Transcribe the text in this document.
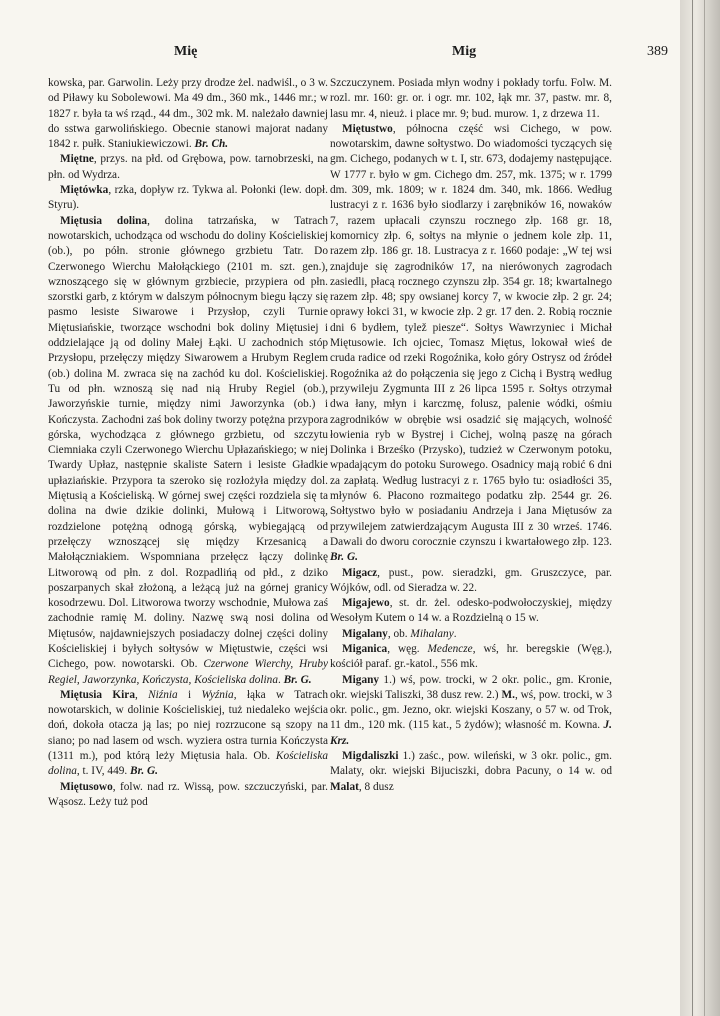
Mię	Mig	389

kowska, par. Garwolin. Leży przy drodze żel. nadwiśl., o 3 w. od Piławy ku Sobolewowi. Ma 49 dm., 360 mk., 1446 mr.; w 1827 r. była ta wś rząd., 44 dm., 302 mk. M. należało dawniej do sstwa garwolińskiego. Obecnie stanowi majorat nadany 1842 r. pułk. Staniukiewiczowi. Br. Ch.

Miętne, przys. na płd. od Grębowa, pow. tarnobrzeski, na płn. od Wydrza.

Miętówka, rzka, dopływ rz. Tykwa al. Połonki (lew. dopł. Styru).

Miętusia dolina, dolina tatrzańska, w Tatrach nowotarskich, uchodząca od wschodu do doliny Kościeliskiej (ob.), po półn. stronie głównego grzbietu Tatr. Do Czerwonego Wierchu Małołąckiego (2101 m. szt. gen.), wznoszącego się w głównym grzbiecie, przypiera od płn. szorstki garb, z którym w dalszym północnym biegu łączy się pasmo lesiste Siwarowe i Przysłop, czyli Turnie Miętusiańskie, tworzące wschodni bok doliny Miętusiej i oddzielające ją od doliny Małej Łąki. U zachodnich stóp Przysłopu, przełęczy między Siwarowem a Hrubym Reglem (ob.) dolina M. zwraca się na zachód ku dol. Kościeliskiej. Tu od płn. wznoszą się nad nią Hruby Regiel (ob.), Jaworzyńskie turnie, między nimi Jaworzynka (ob.) i Kończysta. Zachodni zaś bok doliny tworzy potężna przypora górska, wychodząca z głównego grzbietu, od szczytu Ciemniaka czyli Czerwonego Wierchu Upłazańskiego; w niej Twardy Upłaz, następnie skaliste Satern i lesiste Gładkie upłaziańskie. Przypora ta szeroko się rozłożyła między dol. Miętusią a Kościeliską. W górnej swej części rozdziela się ta dolina na dwie dzikie dolinki, Mułową i Litworową, rozdzielone potężną odnogą górską, wybiegającą od przełęczy wznoszącej się między Krzesanicą a Małołączniakiem. Wspomniana przełęcz łączy dolinkę Litworową od płn. z dol. Rozpadlińą od płd., z dziko poszarpanych skał złożoną, a leżącą już na górnej granicy kosodrzewu. Dol. Litworowa tworzy wschodnie, Mułowa zaś zachodnie ramię M. doliny. Nazwę swą nosi dolina od Miętusów, najdawniejszych posiadaczy dolnej części doliny Kościeliskiej i byłych sołtysów w Miętustwie, części wsi Cichego, pow. nowotarski. Ob. Czerwone Wierchy, Hruby Regiel, Jaworzynka, Kończysta, Kościeliska dolina. Br. G.

Miętusia Kira, Niźnia i Wyźnia, łąka w Tatrach nowotarskich, w dolinie Kościeliskiej, tuż niedaleko wejścia doń, dokoła otacza ją las; po niej rozrzucone są szopy na siano; po nad lasem od wsch. wyziera ostra turnia Kończysta (1311 m.), pod którą leży Miętusia hala. Ob. Kościeliska dolina, t. IV, 449. Br. G.

Miętusowo, folw. nad rz. Wissą, pow. szczuczyński, par. Wąsosz. Leży tuż pod

Szczuczynem. Posiada młyn wodny i pokłady torfu. Folw. M. rozl. mr. 160: gr. or. i ogr. mr. 102, łąk mr. 37, pastw. mr. 8, lasu mr. 4, nieuż. i place mr. 9; bud. murow. 1, z drzewa 11.

Miętustwo, północna część wsi Cichego, w pow. nowotarskim, dawne sołtystwo. Do wiadomości tyczących się gm. Cichego, podanych w t. I, str. 673, dodajemy następujące. W 1777 r. było w gm. Cichego dm. 257, mk. 1375; w r. 1799 dm. 309, mk. 1809; w r. 1824 dm. 340, mk. 1866. Według lustracyi z r. 1636 było siodlarzy i zarębników 16, nowaków 7, razem upłacali czynszu rocznego złp. 168 gr. 18, komornicy złp. 6, sołtys na młynie o jednem kole złp. 11, razem złp. 186 gr. 18. Lustracya z r. 1660 podaje: „W tej wsi znajduje się zagrodników 17, na nierówonych zagrodach zasiedli, płacą rocznego czynszu złp. 354 gr. 18; kwartalnego razem złp. 48; spy owsianej korcy 7, w kwocie złp. 2 gr. 24; oprawy łokci 31, w kwocie złp. 2 gr. 17 den. 2. Robią rocznie dni 6 bydłem, tylež piesze“. Sołtys Wawrzyniec i Michał Miętusowie. Ich ojciec, Tomasz Miętus, lokował wieś de cruda radice od rzeki Rogoźnika, koło góry Ostrysz od źródeł Rogoźnika aż do połączenia się jego z Cichą i Bystrą według przywileju Zygmunta III z 26 lipca 1595 r. Sołtys otrzymał dwa łany, młyn i karczmę, folusz, palenie wódki, ośmiu zagrodników w obrębie wsi osadzić się mających, wolność łowienia ryb w Bystrej i Cichej, wolną paszę na górach Dolinka i Brześko (Przysko), tudzież w Czerwonym potoku, wpadającym do potoku Surowego. Osadnicy mają robić 6 dni za zapłatą. Według lustracyi z r. 1765 było tu: osiadłości 35, młynów 6. Płacono rozmaitego podatku złp. 2544 gr. 26. Sołtystwo było w posiadaniu Andrzeja i Jana Miętusów za przywilejem zatwierdzającym Augusta III z 30 wrześ. 1746. Dawali do dworu corocznie czynszu i kwartałowego złp. 123. Br. G.

Migacz, pust., pow. sieradzki, gm. Gruszczyce, par. Wójków, odl. od Sieradza w. 22.

Migajewo, st. dr. żel. odesko-podwołoczyskiej, między Wesołym Kutem o 14 w. a Rozdzielną o 15 w.

Migalany, ob. Mihalany.

Miganica, węg. Medencze, wś, hr. beregskie (Węg.), kościół paraf. gr.-katol., 556 mk.

Migany 1.) wś, pow. trocki, w 2 okr. polic., gm. Kronie, okr. wiejski Taliszki, 38 dusz rew. 2.) M., wś, pow. trocki, w 3 okr. polic., gm. Jezno, okr. wiejski Koszany, o 57 w. od Trok, 11 dm., 120 mk. (115 kat., 5 żydów); własność m. Kowna. J. Krz.

Migdaliszki 1.) zaśc., pow. wileński, w 3 okr. polic., gm. Malaty, okr. wiejski Bijuciszki, dobra Pacuny, o 14 w. od Malat, 8 dusz
